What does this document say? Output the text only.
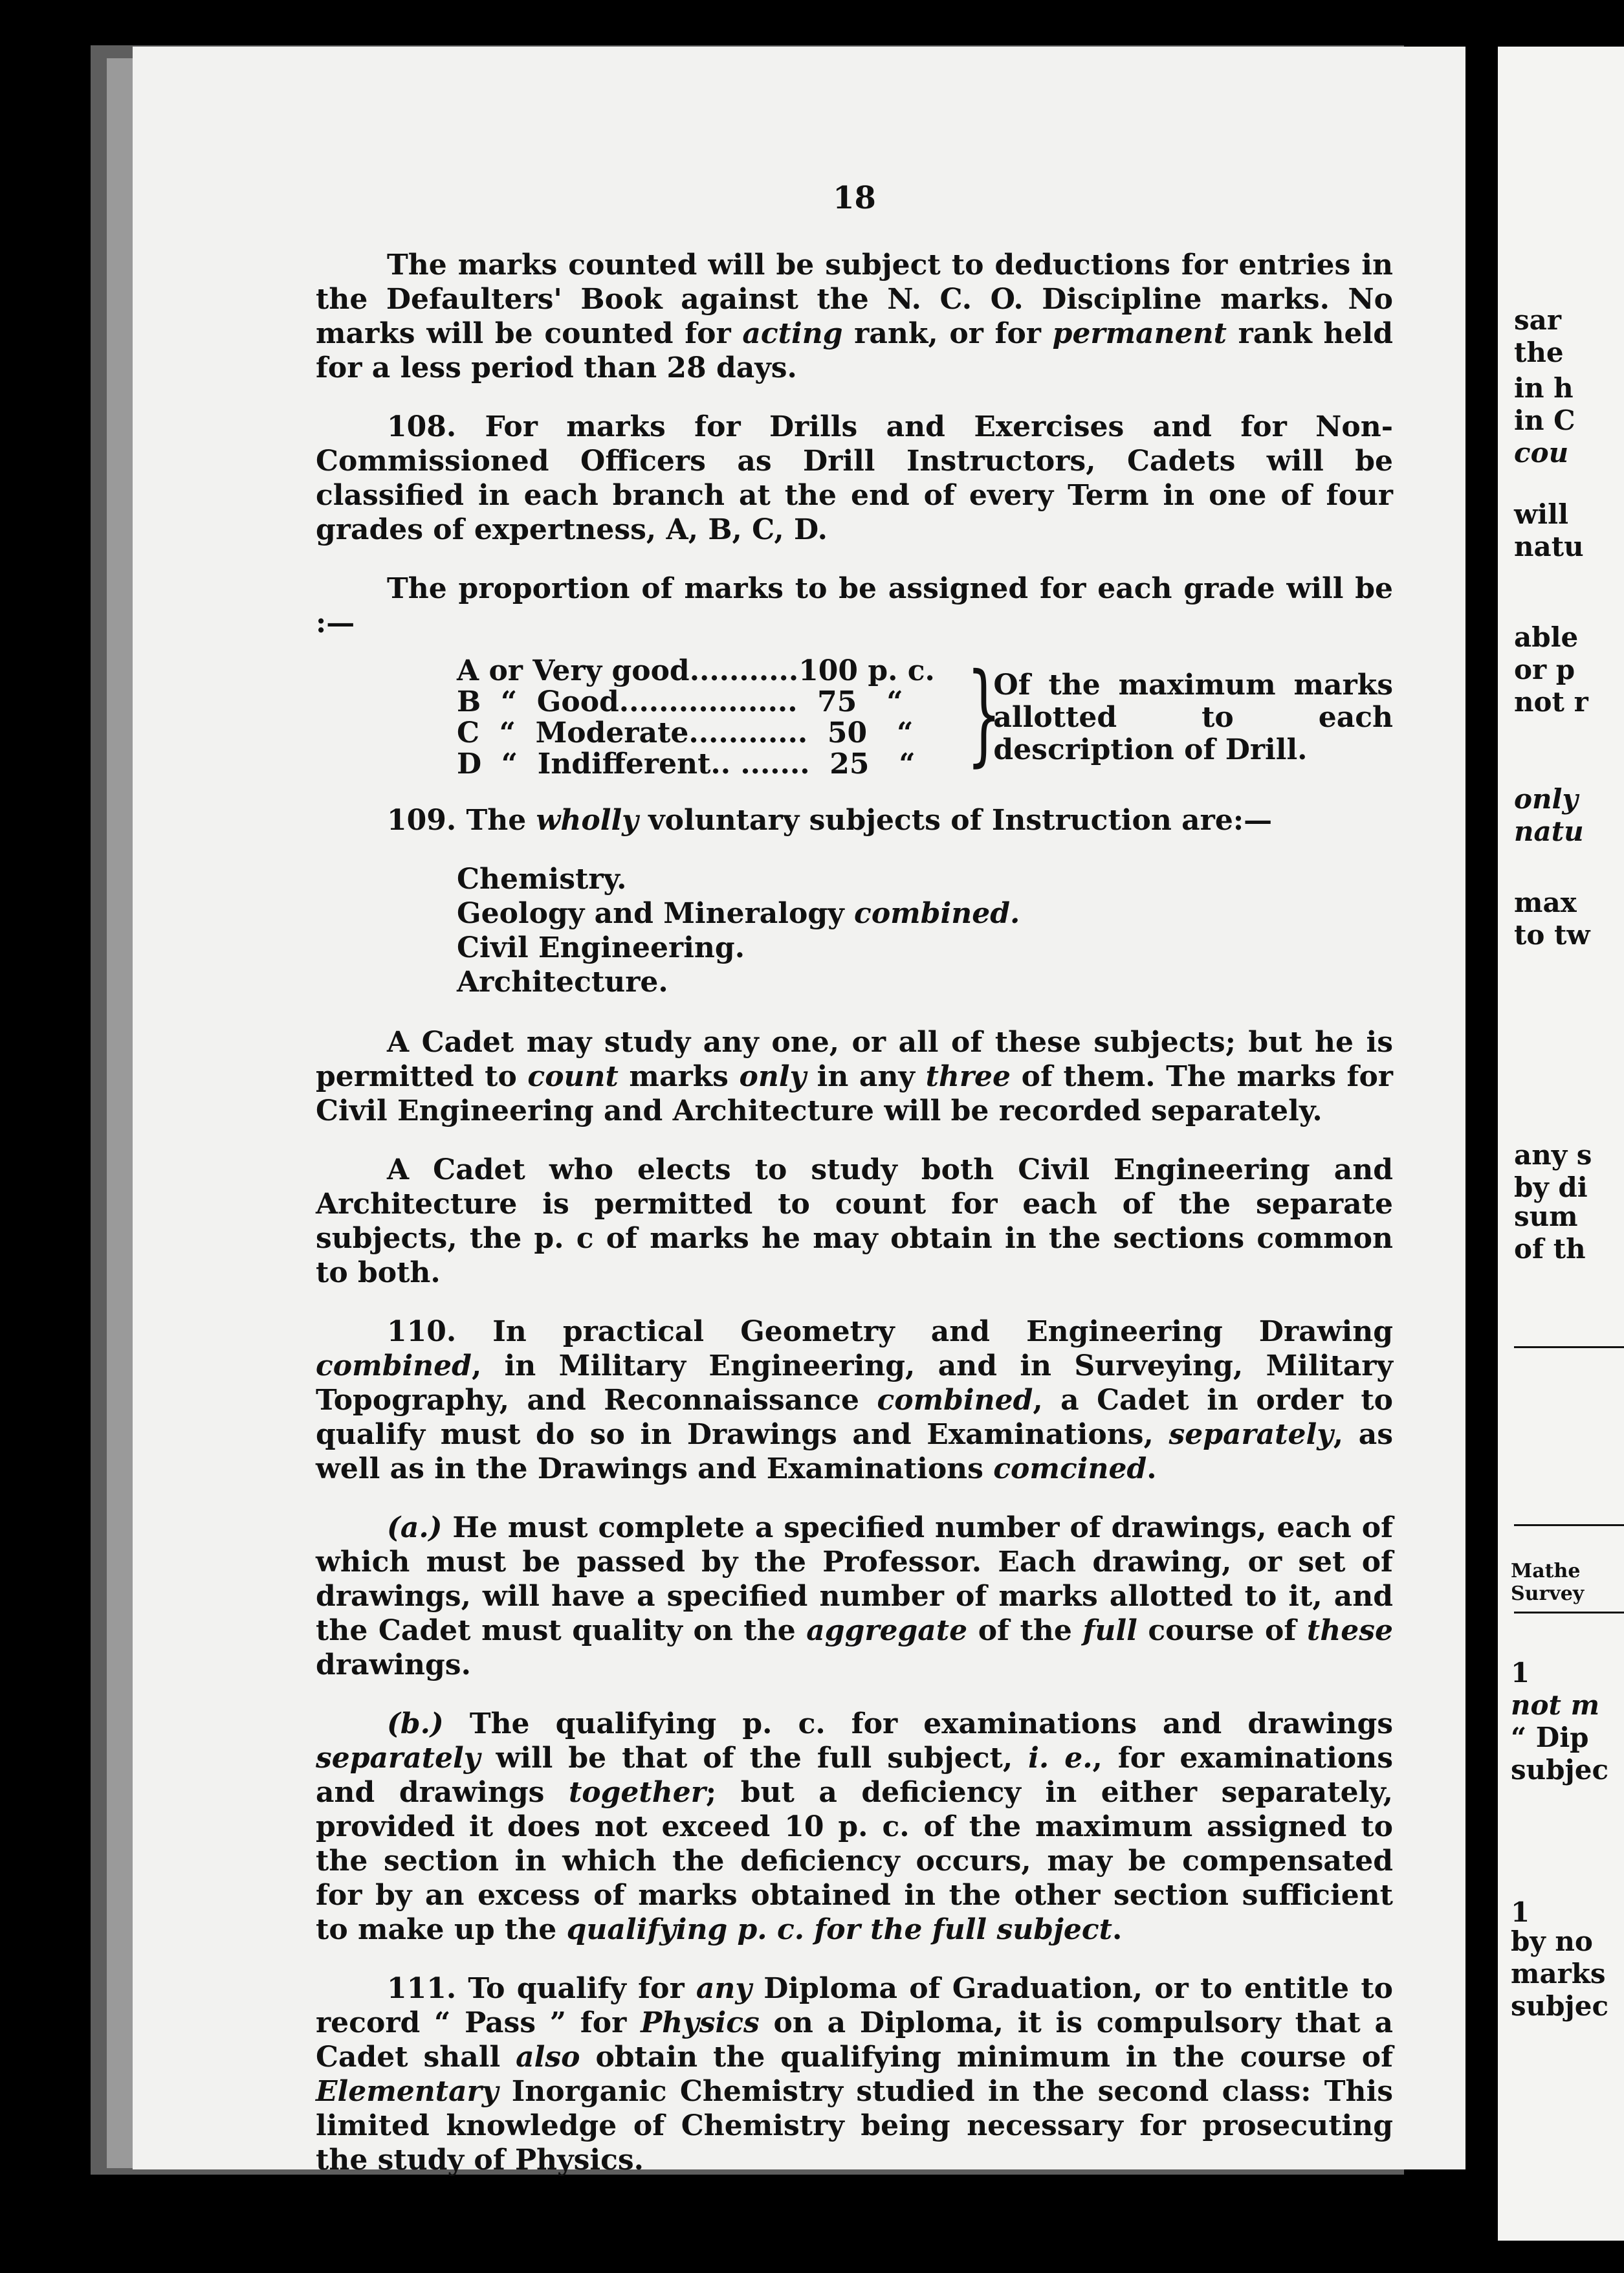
sar
the
in h
in C
cou
will
natu
able
or p
not r
only
natu
max
to tw
any s
by di
sum
of th
Mathe
Survey
1
not m
“ Dip
subjec
1
by no
marks
subjec
18

The marks counted will be subject to deductions for entries in the Defaulters' Book against the N. C. O. Discipline marks. No marks will be counted for acting rank, or for permanent rank held for a less period than 28 days.

108. For marks for Drills and Exercises and for Non-Commissioned Officers as Drill Instructors, Cadets will be classified in each branch at the end of every Term in one of four grades of expertness, A, B, C, D.

The proportion of marks to be assigned for each grade will be :—

A or Very good...........100 p. c.
B  “  Good..................  75   “
C  “  Moderate............  50   “
D  “  Indifferent.. .......  25   “ }
Of the maximum marks allotted to each description of Drill.

109. The wholly voluntary subjects of Instruction are:—

Chemistry.
Geology and Mineralogy combined.
Civil Engineering.
Architecture.

A Cadet may study any one, or all of these subjects; but he is permitted to count marks only in any three of them. The marks for Civil Engineering and Architecture will be recorded separately.

A Cadet who elects to study both Civil Engineering and Architecture is permitted to count for each of the separate subjects, the p. c of marks he may obtain in the sections common to both.

110. In practical Geometry and Engineering Drawing combined, in Military Engineering, and in Surveying, Military Topography, and Reconnaissance combined, a Cadet in order to qualify must do so in Drawings and Examinations, separately, as well as in the Drawings and Examinations comcined.

(a.) He must complete a specified number of drawings, each of which must be passed by the Professor. Each drawing, or set of drawings, will have a specified number of marks allotted to it, and the Cadet must quality on the aggregate of the full course of these drawings.

(b.) The qualifying p. c. for examinations and drawings separately will be that of the full subject, i. e., for examinations and drawings together; but a deficiency in either separately, provided it does not exceed 10 p. c. of the maximum assigned to the section in which the deficiency occurs, may be compensated for by an excess of marks obtained in the other section sufficient to make up the qualifying p. c. for the full subject.

111. To qualify for any Diploma of Graduation, or to entitle to record “ Pass ” for Physics on a Diploma, it is compulsory that a Cadet shall also obtain the qualifying minimum in the course of Elementary Inorganic Chemistry studied in the second class: This limited knowledge of Chemistry being necessary for prosecuting the study of Physics.
